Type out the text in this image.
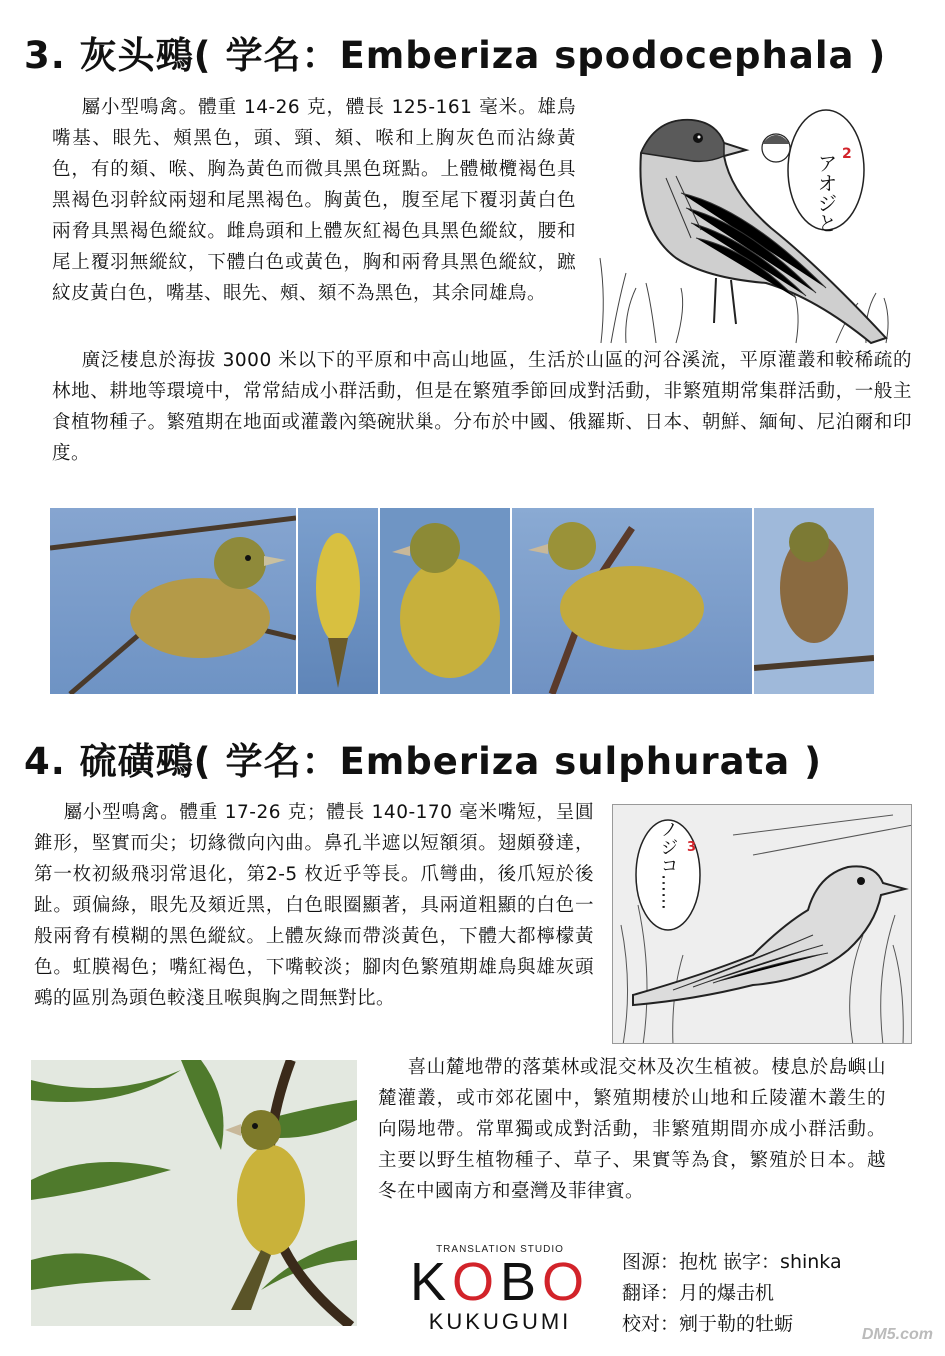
3. 灰头鵐( 学名：Emberiza spodocephala )
屬小型鳴禽。體重 14-26 克，體長 125-161 毫米。雄鳥嘴基、眼先、頰黑色，頭、頸、頦、喉和上胸灰色而沾綠黃色，有的頦、喉、胸為黃色而微具黑色斑點。上體橄欖褐色具黑褐色羽幹紋兩翅和尾黑褐色。胸黃色，腹至尾下覆羽黃白色兩脅具黑褐色縱紋。雌鳥頭和上體灰紅褐色具黑色縱紋，腰和尾上覆羽無縱紋，下體白色或黃色，胸和兩脅具黑色縱紋，蹠紋皮黃白色，嘴基、眼先、頰、頦不為黑色，其余同雄鳥。
アオジと 2
廣泛棲息於海拔 3000 米以下的平原和中高山地區，生活於山區的河谷溪流，平原灌叢和較稀疏的林地、耕地等環境中，常常結成小群活動，但是在繁殖季節回成對活動，非繁殖期常集群活動，一般主食植物種子。繁殖期在地面或灌叢內築碗狀巢。分布於中國、俄羅斯、日本、朝鮮、緬甸、尼泊爾和印度。
4. 硫磺鵐( 学名：Emberiza sulphurata )
屬小型鳴禽。體重 17-26 克；體長 140-170 毫米嘴短，呈圓錐形，堅實而尖；切緣微向內曲。鼻孔半遮以短額須。翅頗發達，第一枚初級飛羽常退化，第2-5 枚近乎等長。爪彎曲，後爪短於後趾。頭偏綠，眼先及頦近黑，白色眼圈顯著，具兩道粗顯的白色一般兩脅有模糊的黑色縱紋。上體灰綠而帶淡黃色，下體大都檸檬黃色。虹膜褐色；嘴紅褐色，下嘴較淡；腳肉色繁殖期雄鳥與雄灰頭鵐的區別為頭色較淺且喉與胸之間無對比。
ノジコ…… 3
喜山麓地帶的落葉林或混交林及次生植被。棲息於島嶼山麓灌叢，或市郊花園中，繁殖期棲於山地和丘陵灌木叢生的向陽地帶。常單獨或成對活動，非繁殖期間亦成小群活動。主要以野生植物種子、草子、果實等為食，繁殖於日本。越冬在中國南方和臺灣及菲律賓。
TRANSLATION STUDIO
KOBO
KUKUGUMI
图源：抱枕 嵌字：shinka
翻译：月的爆击机
校对：剜于勒的牡蛎	DM5.com
